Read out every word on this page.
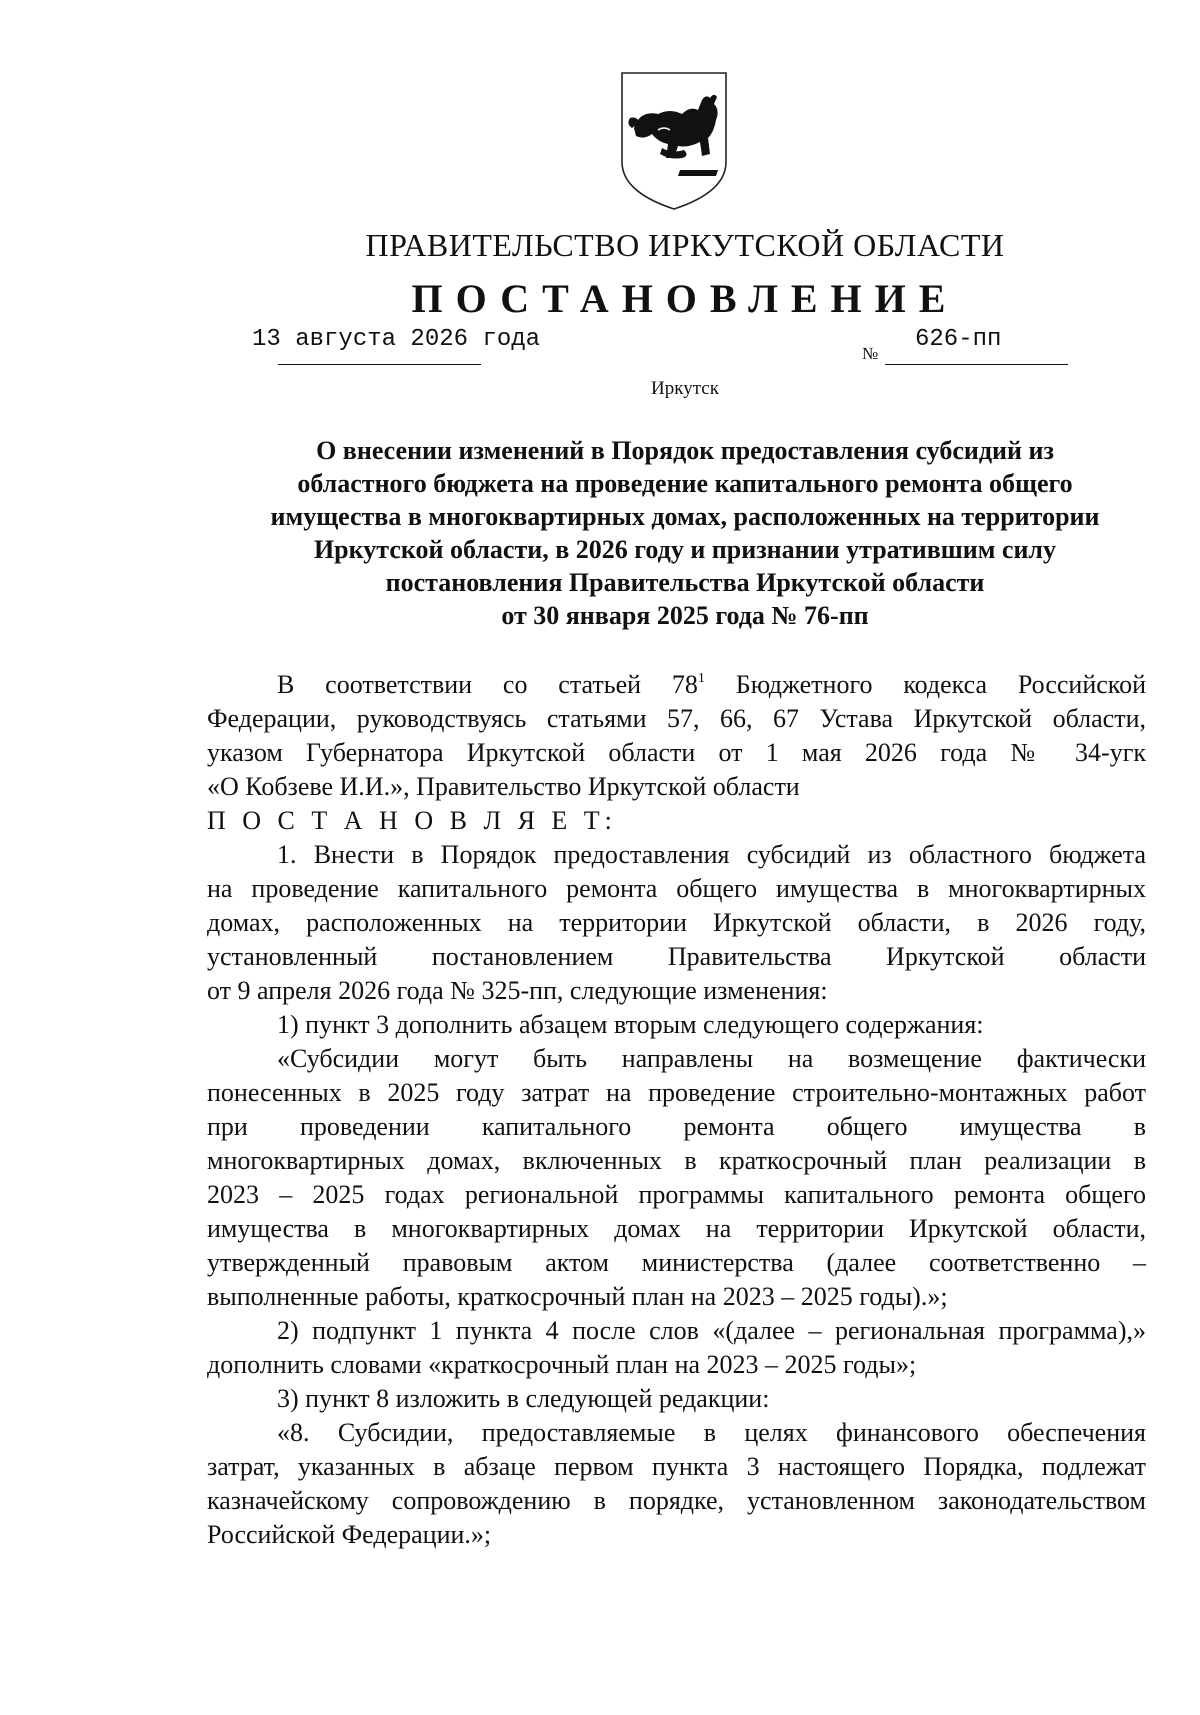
ПРАВИТЕЛЬСТВО ИРКУТСКОЙ ОБЛАСТИ
ПОСТАНОВЛЕНИЕ
13 августа 2026 года
№
626-пп
Иркутск
О внесении изменений в Порядок предоставления субсидий из
областного бюджета на проведение капитального ремонта общего
имущества в многоквартирных домах, расположенных на территории
Иркутской области, в 2026 году и признании утратившим силу
постановления Правительства Иркутской области
от 30 января 2025 года № 76-пп
В соответствии со статьей $78^1$ Бюджетного кодекса Российской
Федерации, руководствуясь статьями 57, 66, 67 Устава Иркутской области,
указом Губернатора Иркутской области от 1 мая 2026 года № 34-угк
«О Кобзеве И.И.», Правительство Иркутской области
П О С Т А Н О В Л Я Е Т:
1. Внести в Порядок предоставления субсидий из областного бюджета
на проведение капитального ремонта общего имущества в многоквартирных
домах, расположенных на территории Иркутской области, в 2026 году,
установленный постановлением Правительства Иркутской области
от 9 апреля 2026 года № 325-пп, следующие изменения:
1) пункт 3 дополнить абзацем вторым следующего содержания:
«Субсидии могут быть направлены на возмещение фактически
понесенных в 2025 году затрат на проведение строительно-монтажных работ
при проведении капитального ремонта общего имущества в
многоквартирных домах, включенных в краткосрочный план реализации в
2023 – 2025 годах региональной программы капитального ремонта общего
имущества в многоквартирных домах на территории Иркутской области,
утвержденный правовым актом министерства (далее соответственно –
выполненные работы, краткосрочный план на 2023 – 2025 годы).»;
2) подпункт 1 пункта 4 после слов «(далее – региональная программа),»
дополнить словами «краткосрочный план на 2023 – 2025 годы»;
3) пункт 8 изложить в следующей редакции:
«8. Субсидии, предоставляемые в целях финансового обеспечения
затрат, указанных в абзаце первом пункта 3 настоящего Порядка, подлежат
казначейскому сопровождению в порядке, установленном законодательством
Российской Федерации.»;
